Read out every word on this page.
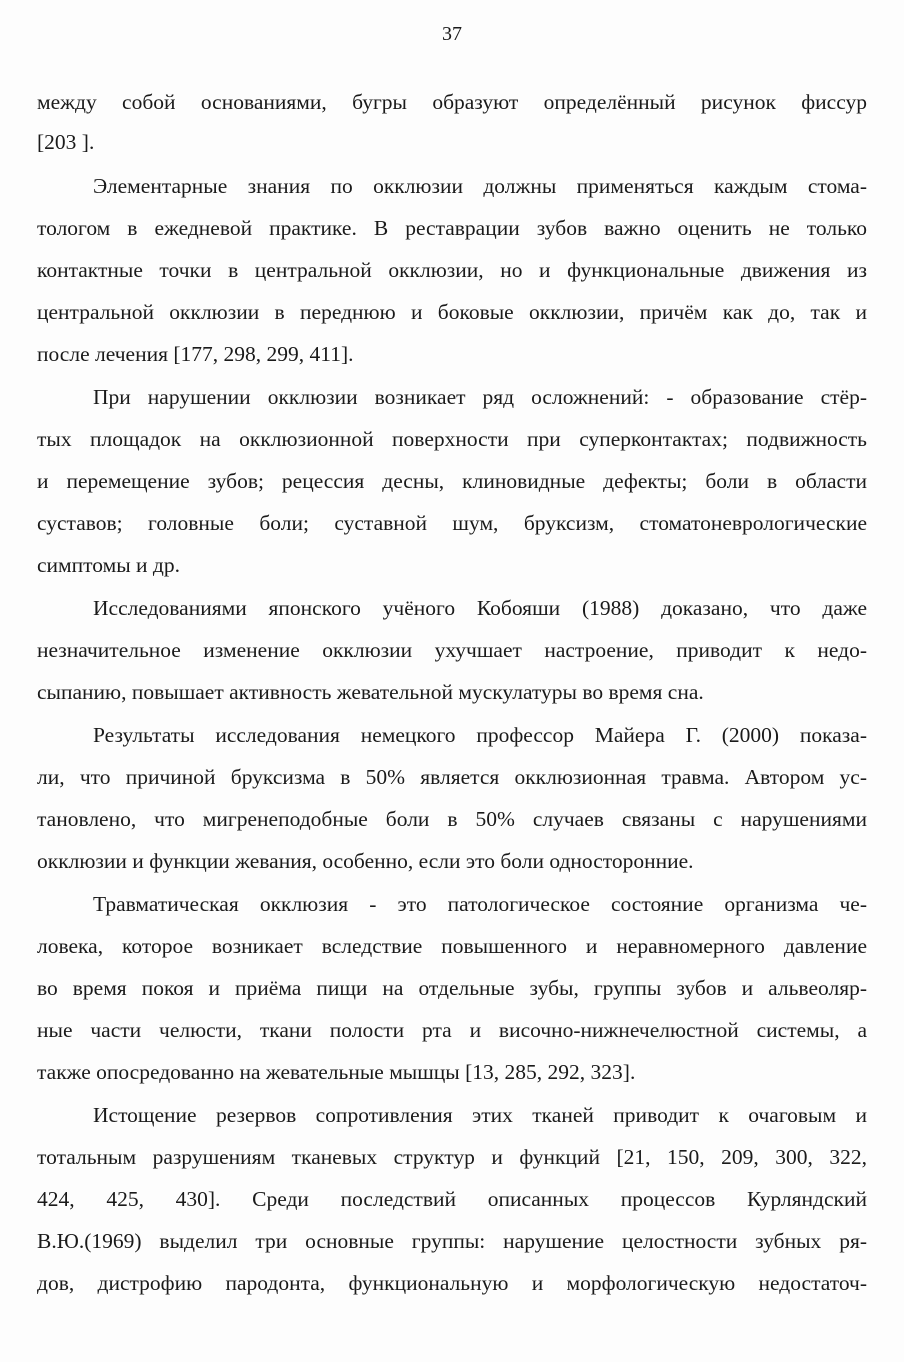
37
между собой основаниями, бугры образуют определённый рисунок фиссур
[203 ].
Элементарные знания по окклюзии должны применяться каждым стома-
тологом в ежедневой практике. В реставрации зубов важно оценить не только
контактные точки в центральной окклюзии, но и функциональные движения из
центральной окклюзии в переднюю и боковые окклюзии, причём как до, так и
после лечения [177, 298, 299, 411].
При нарушении окклюзии возникает ряд осложнений: - образование стёр-
тых площадок на окклюзионной поверхности при суперконтактах; подвижность
и перемещение зубов; рецессия десны, клиновидные дефекты; боли в области
суставов; головные боли; суставной шум, бруксизм, стоматоневрологические
симптомы и др.
Исследованиями японского учёного Кобояши (1988) доказано, что даже
незначительное изменение окклюзии ухучшает настроение, приводит к недо-
сыпанию, повышает активность жевательной мускулатуры во время сна.
Результаты исследования немецкого профессор Майера Г. (2000) показа-
ли, что причиной бруксизма в 50% является окклюзионная травма. Автором ус-
тановлено, что мигренеподобные боли в 50% случаев связаны с нарушениями
окклюзии и функции жевания, особенно, если это боли односторонние.
Травматическая окклюзия - это патологическое состояние организма че-
ловека, которое возникает вследствие повышенного и неравномерного давление
во время покоя и приёма пищи на отдельные зубы, группы зубов и альвеоляр-
ные части челюсти, ткани полости рта и височно-нижнечелюстной системы, а
также опосредованно на жевательные мышцы [13, 285, 292, 323].
Истощение резервов сопротивления этих тканей приводит к очаговым и
тотальным разрушениям тканевых структур и функций [21, 150, 209, 300, 322,
424, 425, 430]. Среди последствий описанных процессов Курляндский
В.Ю.(1969) выделил три основные группы: нарушение целостности зубных ря-
дов, дистрофию пародонта, функциональную и морфологическую недостаточ-
